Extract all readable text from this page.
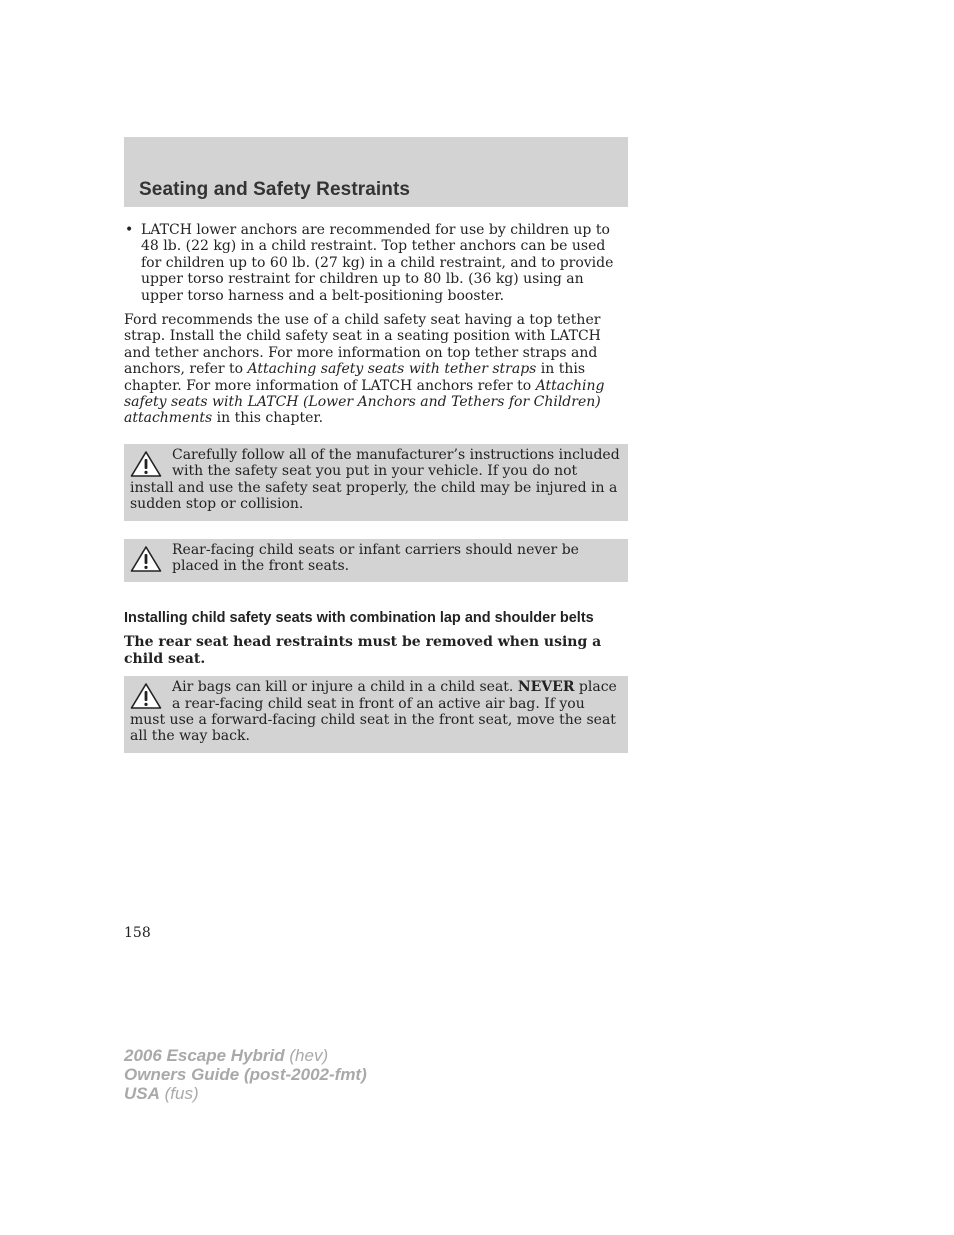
Seating and Safety Restraints
• LATCH lower anchors are recommended for use by children up to 48 lb. (22 kg) in a child restraint. Top tether anchors can be used for children up to 60 lb. (27 kg) in a child restraint, and to provide upper torso restraint for children up to 80 lb. (36 kg) using an upper torso harness and a belt-positioning booster.

Ford recommends the use of a child safety seat having a top tether strap. Install the child safety seat in a seating position with LATCH and tether anchors. For more information on top tether straps and anchors, refer to Attaching safety seats with tether straps in this chapter. For more information of LATCH anchors refer to Attaching safety seats with LATCH (Lower Anchors and Tethers for Children) attachments in this chapter.

Carefully follow all of the manufacturer’s instructions included with the safety seat you put in your vehicle. If you do not install and use the safety seat properly, the child may be injured in a sudden stop or collision.

Rear-facing child seats or infant carriers should never be placed in the front seats.

Installing child safety seats with combination lap and shoulder belts

The rear seat head restraints must be removed when using a child seat.

Air bags can kill or injure a child in a child seat. NEVER place a rear-facing child seat in front of an active air bag. If you must use a forward-facing child seat in the front seat, move the seat all the way back.

158
2006 Escape Hybrid (hev)
Owners Guide (post-2002-fmt)
USA (fus)
